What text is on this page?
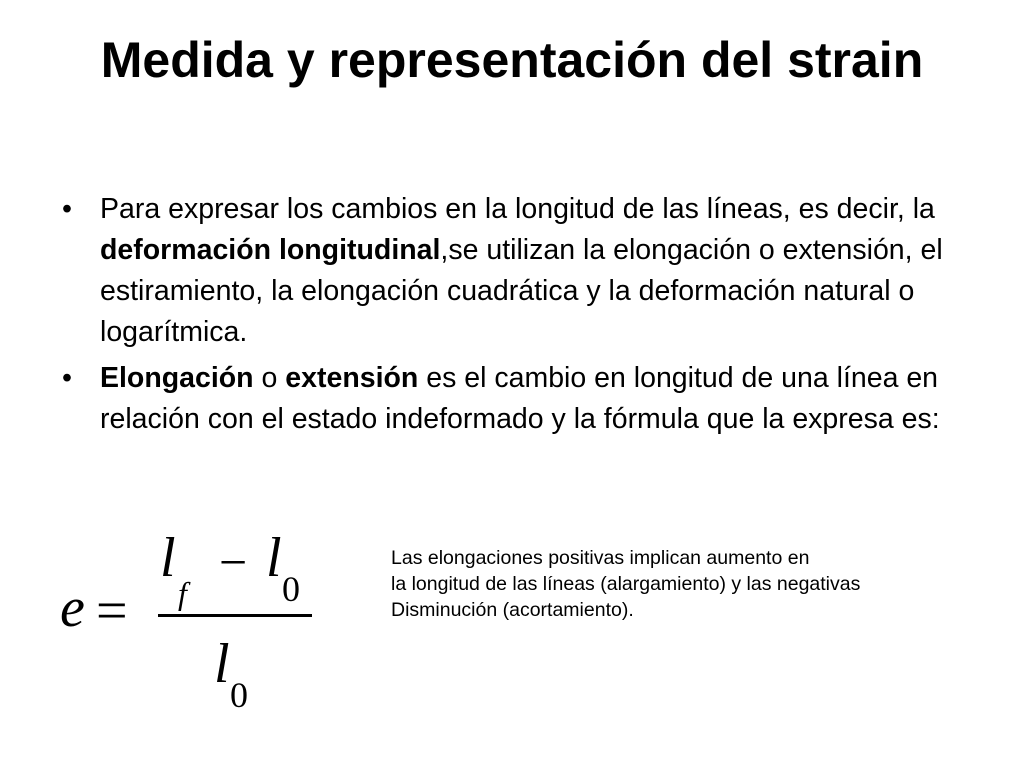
Medida y representación del strain
• Para expresar los cambios en la longitud de las líneas, es decir, la deformación longitudinal,se utilizan la elongación o extensión, el estiramiento, la elongación cuadrática y la deformación natural o logarítmica.
• Elongación o extensión es el cambio en longitud de una línea en relación con el estado indeformado y la fórmula que la expresa es:
e =
l
f
− l 0
l 0
Las elongaciones positivas implican aumento en
la longitud de las líneas (alargamiento) y las negativas
Disminución (acortamiento).
